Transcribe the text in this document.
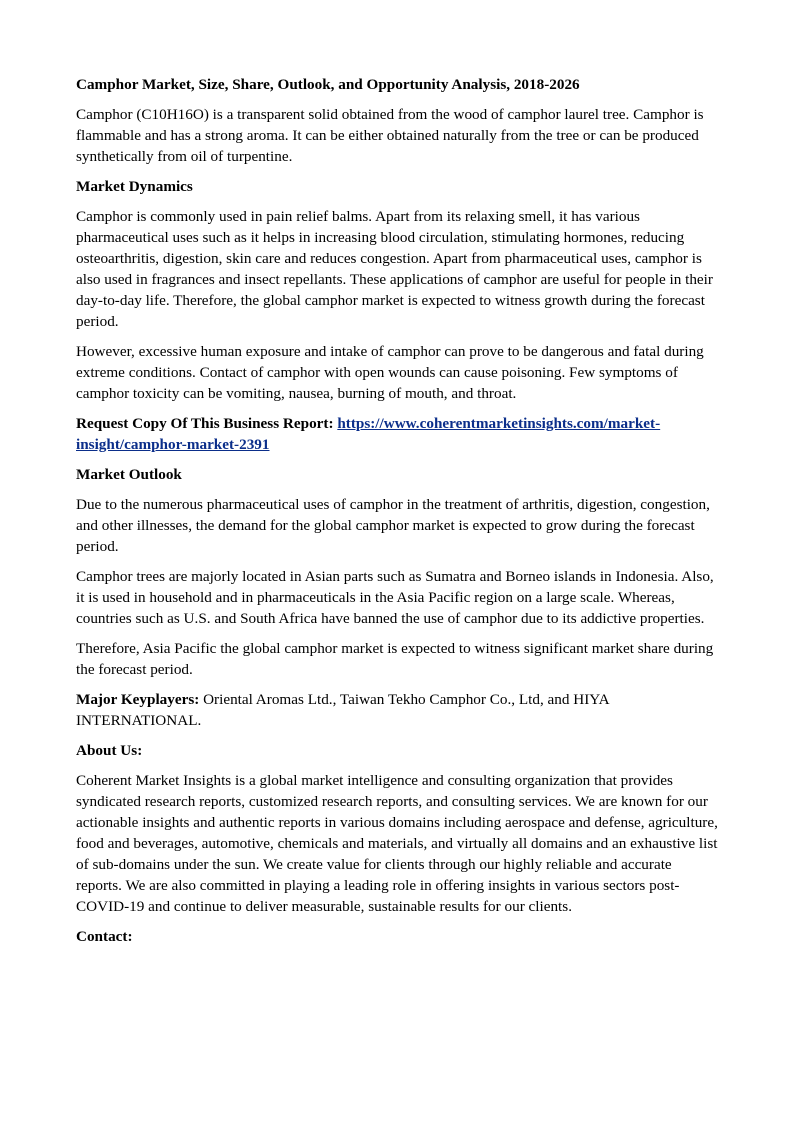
Camphor Market, Size, Share, Outlook, and Opportunity Analysis, 2018-2026

Camphor (C10H16O) is a transparent solid obtained from the wood of camphor laurel tree. Camphor is flammable and has a strong aroma. It can be either obtained naturally from the tree or can be produced synthetically from oil of turpentine.

Market Dynamics

Camphor is commonly used in pain relief balms. Apart from its relaxing smell, it has various pharmaceutical uses such as it helps in increasing blood circulation, stimulating hormones, reducing osteoarthritis, digestion, skin care and reduces congestion. Apart from pharmaceutical uses, camphor is also used in fragrances and insect repellants. These applications of camphor are useful for people in their day-to-day life. Therefore, the global camphor market is expected to witness growth during the forecast period.

However, excessive human exposure and intake of camphor can prove to be dangerous and fatal during extreme conditions. Contact of camphor with open wounds can cause poisoning. Few symptoms of camphor toxicity can be vomiting, nausea, burning of mouth, and throat.

Request Copy Of This Business Report: https://www.coherentmarketinsights.com/market-insight/camphor-market-2391

Market Outlook

Due to the numerous pharmaceutical uses of camphor in the treatment of arthritis, digestion, congestion, and other illnesses, the demand for the global camphor market is expected to grow during the forecast period.

Camphor trees are majorly located in Asian parts such as Sumatra and Borneo islands in Indonesia. Also, it is used in household and in pharmaceuticals in the Asia Pacific region on a large scale. Whereas, countries such as U.S. and South Africa have banned the use of camphor due to its addictive properties.

Therefore, Asia Pacific the global camphor market is expected to witness significant market share during the forecast period.

Major Keyplayers: Oriental Aromas Ltd., Taiwan Tekho Camphor Co., Ltd, and HIYA INTERNATIONAL.

About Us:

Coherent Market Insights is a global market intelligence and consulting organization that provides syndicated research reports, customized research reports, and consulting services. We are known for our actionable insights and authentic reports in various domains including aerospace and defense, agriculture, food and beverages, automotive, chemicals and materials, and virtually all domains and an exhaustive list of sub-domains under the sun. We create value for clients through our highly reliable and accurate reports. We are also committed in playing a leading role in offering insights in various sectors post-COVID-19 and continue to deliver measurable, sustainable results for our clients.

Contact:
